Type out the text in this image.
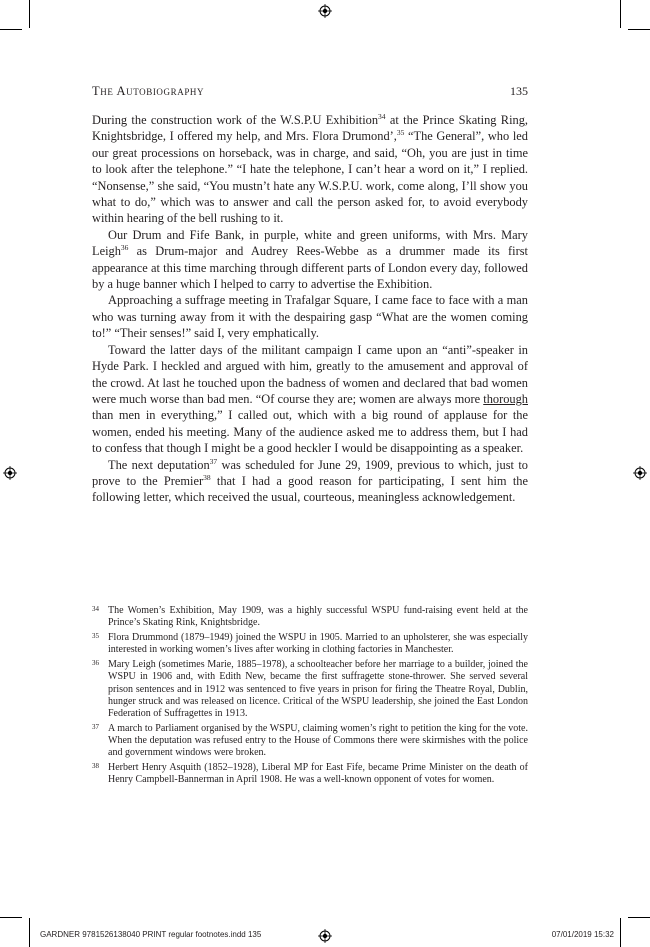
The Autobiography	135

During the construction work of the W.S.P.U Exhibition$^{34}$ at the Prince Skating Ring, Knightsbridge, I offered my help, and Mrs. Flora Drumond’,$^{35}$ “The General”, who led our great processions on horseback, was in charge, and said, “Oh, you are just in time to look after the telephone.” “I hate the telephone, I can’t hear a word on it,” I replied. “Nonsense,” she said, “You mustn’t hate any W.S.P.U. work, come along, I’ll show you what to do,” which was to answer and call the person asked for, to avoid everybody within hearing of the bell rushing to it.

Our Drum and Fife Bank, in purple, white and green uniforms, with Mrs. Mary Leigh$^{36}$ as Drum-major and Audrey Rees-Webbe as a drummer made its first appearance at this time marching through different parts of London every day, followed by a huge banner which I helped to carry to advertise the Exhibition.

Approaching a suffrage meeting in Trafalgar Square, I came face to face with a man who was turning away from it with the despairing gasp “What are the women coming to!” “Their senses!” said I, very emphatically.

Toward the latter days of the militant campaign I came upon an “anti”-speaker in Hyde Park. I heckled and argued with him, greatly to the amusement and approval of the crowd. At last he touched upon the badness of women and declared that bad women were much worse than bad men. “Of course they are; women are always more thorough than men in everything,” I called out, which with a big round of applause for the women, ended his meeting. Many of the audience asked me to address them, but I had to confess that though I might be a good heckler I would be disappointing as a speaker.

The next deputation$^{37}$ was scheduled for June 29, 1909, previous to which, just to prove to the Premier$^{38}$ that I had a good reason for participating, I sent him the following letter, which received the usual, courteous, meaningless acknowledgement.

34 The Women’s Exhibition, May 1909, was a highly successful WSPU fund-raising event held at the Prince’s Skating Rink, Knightsbridge.
35 Flora Drummond (1879–1949) joined the WSPU in 1905. Married to an upholsterer, she was especially interested in working women’s lives after working in clothing factories in Manchester.
36 Mary Leigh (sometimes Marie, 1885–1978), a schoolteacher before her marriage to a builder, joined the WSPU in 1906 and, with Edith New, became the first suffragette stone-thrower. She served several prison sentences and in 1912 was sentenced to five years in prison for firing the Theatre Royal, Dublin, hunger struck and was released on licence. Critical of the WSPU leadership, she joined the East London Federation of Suffragettes in 1913.
37 A march to Parliament organised by the WSPU, claiming women’s right to petition the king for the vote. When the deputation was refused entry to the House of Commons there were skirmishes with the police and government windows were broken.
38 Herbert Henry Asquith (1852–1928), Liberal MP for East Fife, became Prime Minister on the death of Henry Campbell-Bannerman in April 1908. He was a well-known opponent of votes for women.
GARDNER 9781526138040 PRINT regular footnotes.indd 135	07/01/2019 15:32
